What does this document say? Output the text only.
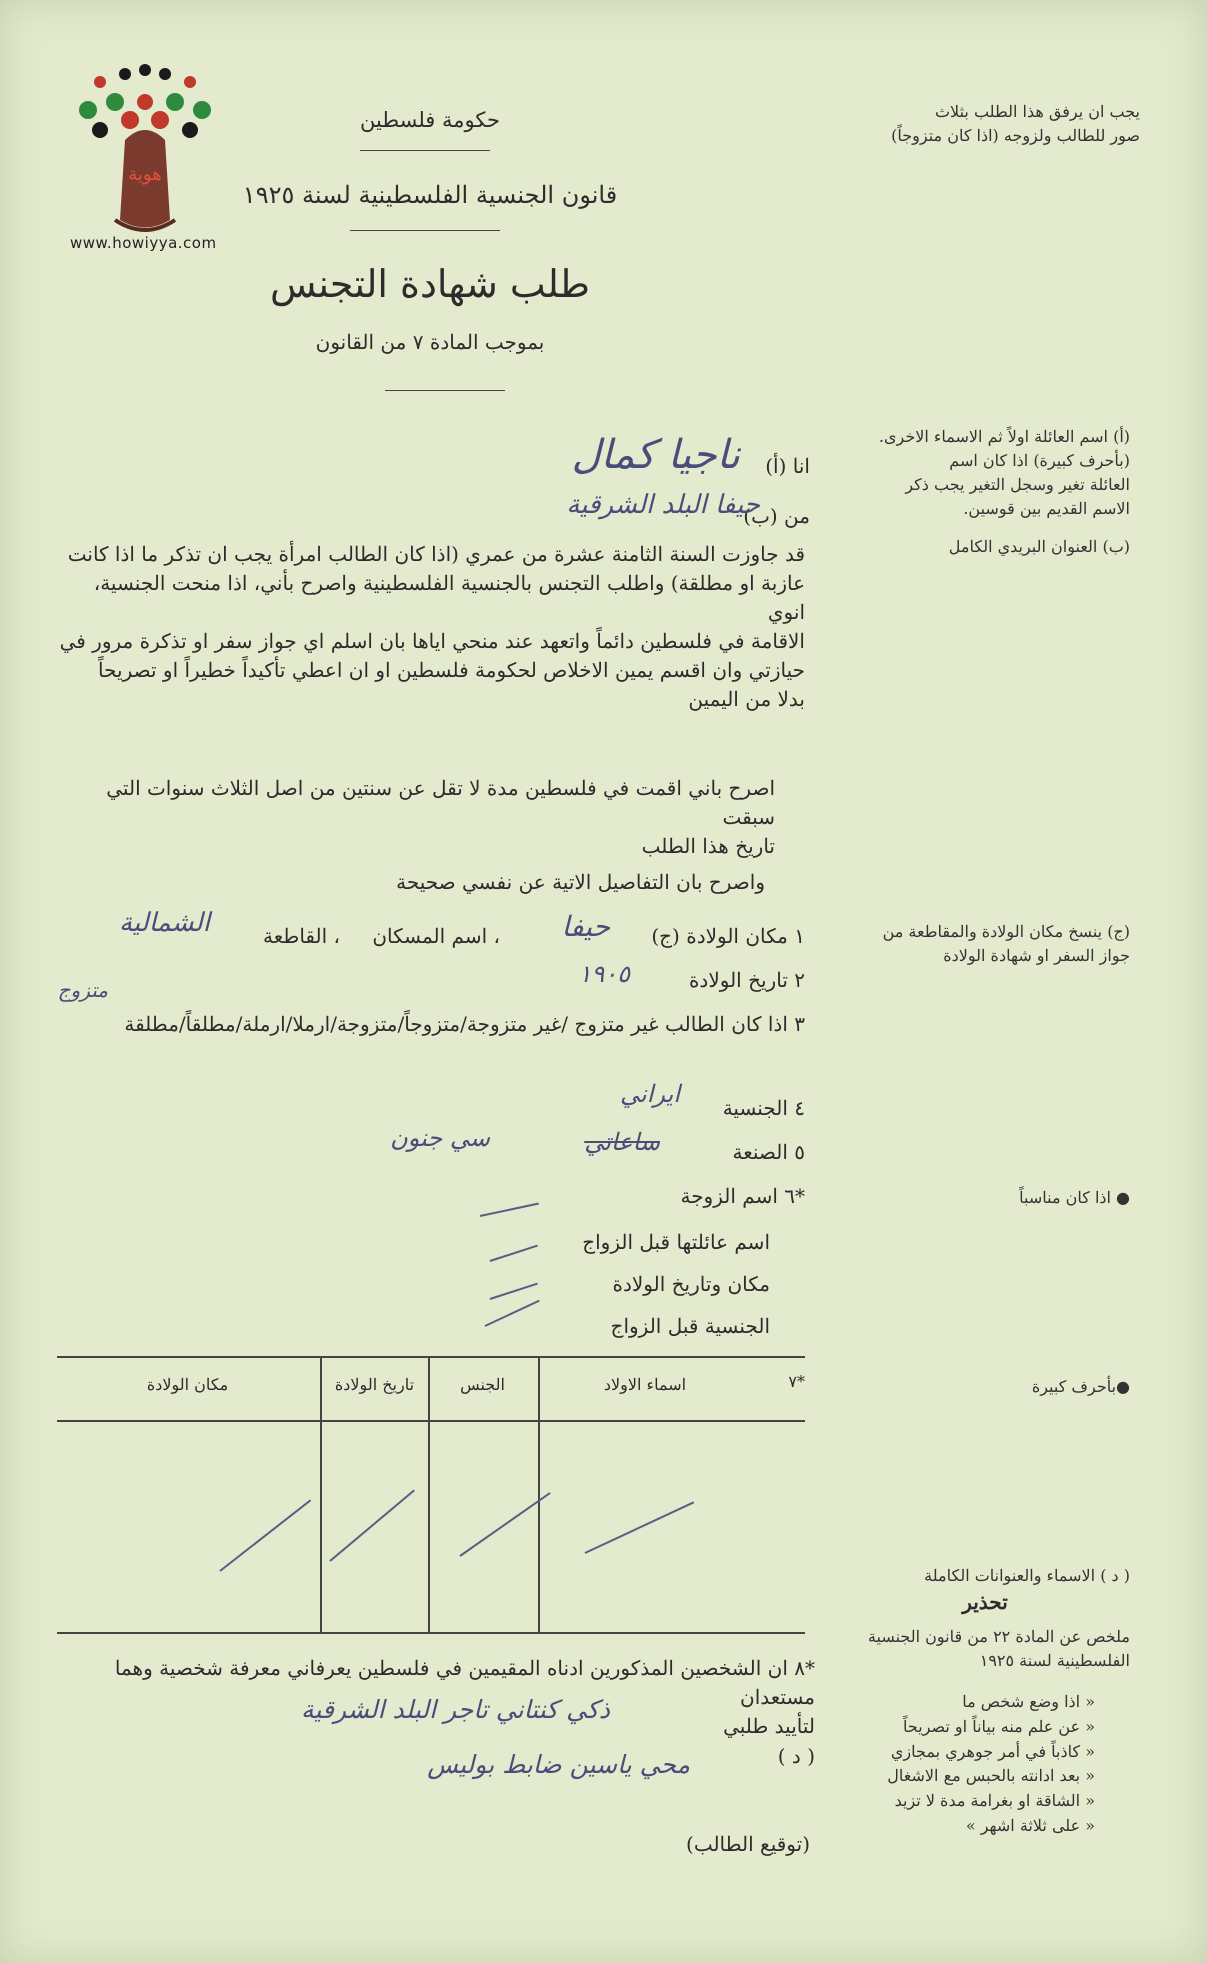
هوية
www.howiyya.com
حكومة فلسطين
قانون الجنسية الفلسطينية لسنة ١٩٢٥
طلب شهادة التجنس
بموجب المادة ٧ من القانون
يجب ان يرفق هذا الطلب بثلاث
صور للطالب ولزوجه (اذا كان متزوجاً)
(أ) اسم العائلة اولاً ثم الاسماء الاخرى.
(بأحرف كبيرة) اذا كان اسم
العائلة تغير وسجل التغير يجب ذكر
الاسم القديم بين قوسين.
(ب) العنوان البريدي الكامل
انا (أ)
ناجيا كمال
من (ب)
حيفا البلد الشرقية
قد جاوزت السنة الثامنة عشرة من عمري (اذا كان الطالب امرأة يجب ان تذكر ما اذا كانت
عازبة او مطلقة) واطلب التجنس بالجنسية الفلسطينية واصرح بأني، اذا منحت الجنسية، انوي
الاقامة في فلسطين دائماً واتعهد عند منحي اياها بان اسلم اي جواز سفر او تذكرة مرور في
حيازتي وان اقسم يمين الاخلاص لحكومة فلسطين او ان اعطي تأكيداً خطيراً او تصريحاً
بدلا من اليمين
اصرح باني اقمت في فلسطين مدة لا تقل عن سنتين من اصل الثلاث سنوات التي سبقت
تاريخ هذا الطلب
واصرح بان التفاصيل الاتية عن نفسي صحيحة
(ج) ينسخ مكان الولادة والمقاطعة من
جواز السفر او شهادة الولادة
١ مكان الولادة (ج)
حيفا
، اسم المسكان
، القاطعة
الشمالية
٢ تاريخ الولادة
١٩٠٥
متزوج
٣ اذا كان الطالب غير متزوج /غير متزوجة/متزوجاً/متزوجة/ارملا/ارملة/مطلقاً/مطلقة
٤ الجنسية
ايراني
٥ الصنعة
ساعاتي
سي جنون
*٦ اسم الزوجة
اسم عائلتها قبل الزواج
مكان وتاريخ الولادة
الجنسية قبل الزواج
● اذا كان مناسباً
●بأحرف كبيرة
*٧
اسماء الاولاد
الجنس
تاريخ الولادة
مكان الولادة
( د ) الاسماء والعنوانات الكاملة
تحذير
ملخص عن المادة ٢٢ من قانون الجنسية
الفلسطينية لسنة ١٩٢٥
« اذا وضع شخص ما
« عن علم منه بياناً او تصريحاً
« كاذباً في أمر جوهري بمجازي
« بعد ادانته بالحبس مع الاشغال
« الشاقة او بغرامة مدة لا تزيد
« على ثلاثة اشهر »
*٨ ان الشخصين المذكورين ادناه المقيمين في فلسطين يعرفاني معرفة شخصية وهما مستعدان
لتأييد طلبي
ذكي كنتاني تاجر البلد الشرقية
( د )
محي ياسين ضابط بوليس
(توقيع الطالب)
